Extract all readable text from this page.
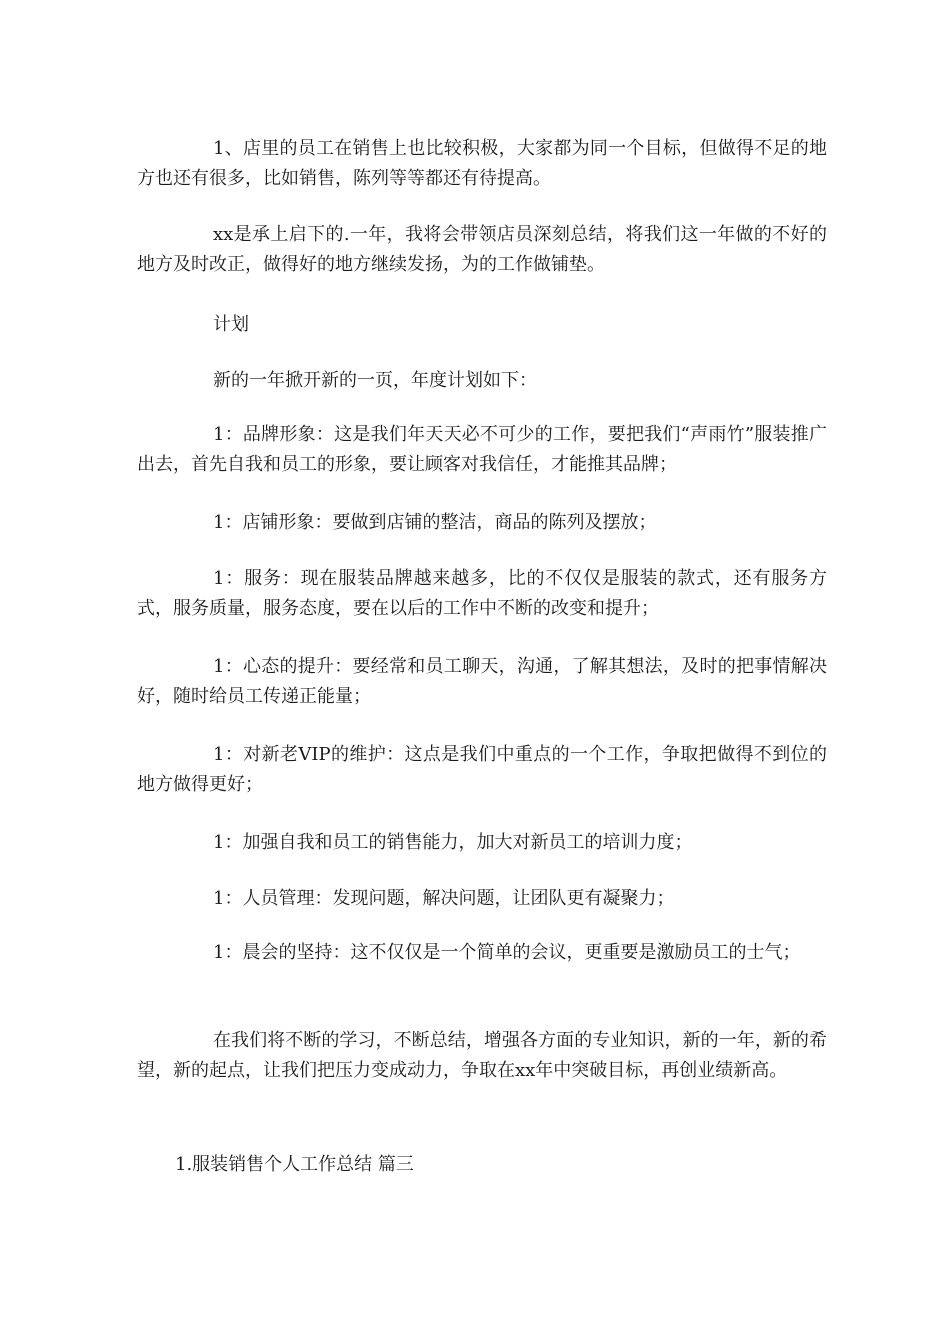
1、店里的员工在销售上也比较积极，大家都为同一个目标，但做得不足的地方也还有很多，比如销售，陈列等等都还有待提高。

xx是承上启下的.一年，我将会带领店员深刻总结，将我们这一年做的不好的地方及时改正，做得好的地方继续发扬，为的工作做铺垫。

计划

新的一年掀开新的一页，年度计划如下：

1：品牌形象：这是我们年天天必不可少的工作，要把我们“声雨竹”服装推广出去，首先自我和员工的形象，要让顾客对我信任，才能推其品牌；

1：店铺形象：要做到店铺的整洁，商品的陈列及摆放；

1：服务：现在服装品牌越来越多，比的不仅仅是服装的款式，还有服务方式，服务质量，服务态度，要在以后的工作中不断的改变和提升；

1：心态的提升：要经常和员工聊天，沟通，了解其想法，及时的把事情解决好，随时给员工传递正能量；

1：对新老VIP的维护：这点是我们中重点的一个工作，争取把做得不到位的地方做得更好；

1：加强自我和员工的销售能力，加大对新员工的培训力度；

1：人员管理：发现问题，解决问题，让团队更有凝聚力；

1：晨会的坚持：这不仅仅是一个简单的会议，更重要是激励员工的士气；

在我们将不断的学习，不断总结，增强各方面的专业知识，新的一年，新的希望，新的起点，让我们把压力变成动力，争取在xx年中突破目标，再创业绩新高。

1.服装销售个人工作总结 篇三
